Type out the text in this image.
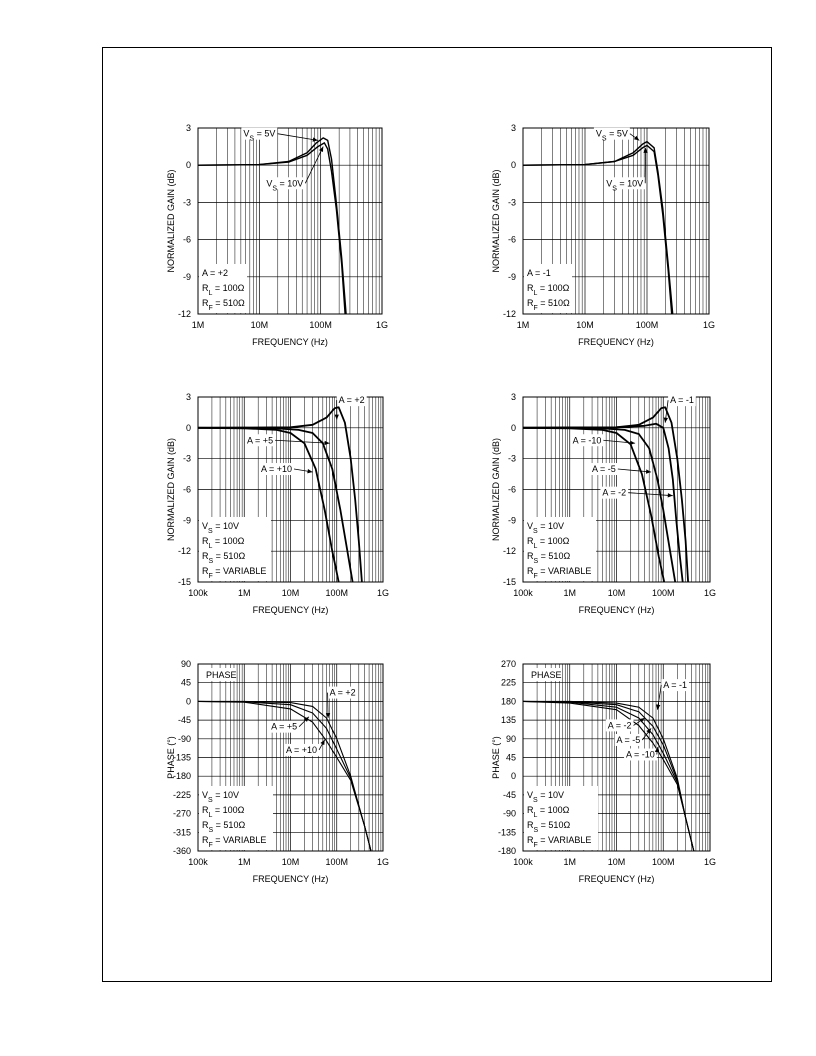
1M	10M	100M	1G
3
0
-3
-6
-9
-12
FREQUENCY (Hz)
NORMALIZED GAIN (dB)
A = +2
$R_L = 100\Omega$
$R_F = 510\Omega$
$V_S = 5V$
$V_S = 10V$
1M	10M	100M	1G
3
0
-3
-6
-9
-12
FREQUENCY (Hz)
NORMALIZED GAIN (dB)
A = -1
$R_L = 100\Omega$
$R_F = 510\Omega$
$V_S = 5V$
$V_S = 10V$
100k	1M	10M	100M	1G
3
0
-3
-6
-9
-12
-15
FREQUENCY (Hz)
NORMALIZED GAIN (dB)	$V_S = 10V$
$R_L = 100\Omega$
$R_S = 510\Omega$
$R_F$ = VARIABLE
A = +2
A = +5
A = +10
100k	1M	10M	100M	1G
3
0
-3
-6
-9
-12
-15
FREQUENCY (Hz)
NORMALIZED GAIN (dB)	$V_S = 10V$
$R_L = 100\Omega$
$R_S = 510\Omega$
$R_F$ = VARIABLE
A = -1
A = -10
A = -5
A = -2
100k	1M	10M	100M	1G
90
45
0
-45
-90
-135
-180
-225
-270
-315
-360
FREQUENCY (Hz)
PHASE (°)
$V_S = 10V$
$R_L = 100\Omega$
$R_S = 510\Omega$
$R_F$ = VARIABLE
PHASE
A = +2
A = +5
A = +10
100k	1M	10M	100M	1G
270
225
180
135
90
45
0
-45
-90
-135
-180
FREQUENCY (Hz)
PHASE (°)
$V_S = 10V$
$R_L = 100\Omega$
$R_S = 510\Omega$
$R_F$ = VARIABLE
PHASE
A = -1
A = -2
A = -5
A = -10
